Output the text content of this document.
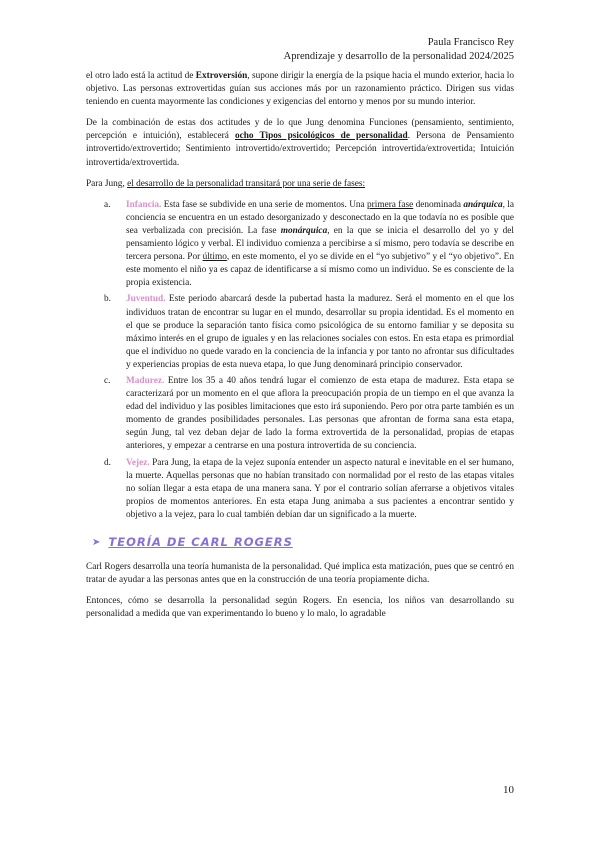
Paula Francisco Rey
Aprendizaje y desarrollo de la personalidad 2024/2025

el otro lado está la actitud de Extroversión, supone dirigir la energía de la psique hacia el mundo exterior, hacia lo objetivo. Las personas extrovertidas guían sus acciones más por un razonamiento práctico. Dirigen sus vidas teniendo en cuenta mayormente las condiciones y exigencias del entorno y menos por su mundo interior.

De la combinación de estas dos actitudes y de lo que Jung denomina Funciones (pensamiento, sentimiento, percepción e intuición), establecerá ocho Tipos psicológicos de personalidad. Persona de Pensamiento introvertido/extrovertido; Sentimiento introvertido/extrovertido; Percepción introvertida/extrovertida; Intuición introvertida/extrovertida.

Para Jung, el desarrollo de la personalidad transitará por una serie de fases:

a. Infancia. Esta fase se subdivide en una serie de momentos. Una primera fase denominada anárquica, la conciencia se encuentra en un estado desorganizado y desconectado en la que todavía no es posible que sea verbalizada con precisión. La fase monárquica, en la que se inicia el desarrollo del yo y del pensamiento lógico y verbal. El individuo comienza a percibirse a sí mismo, pero todavía se describe en tercera persona. Por último, en este momento, el yo se divide en el “yo subjetivo” y el “yo objetivo”. En este momento el niño ya es capaz de identificarse a sí mismo como un individuo. Se es consciente de la propia existencia.
b. Juventud. Este periodo abarcará desde la pubertad hasta la madurez. Será el momento en el que los individuos tratan de encontrar su lugar en el mundo, desarrollar su propia identidad. Es el momento en el que se produce la separación tanto física como psicológica de su entorno familiar y se deposita su máximo interés en el grupo de iguales y en las relaciones sociales con estos. En esta etapa es primordial que el individuo no quede varado en la conciencia de la infancia y por tanto no afrontar sus dificultades y experiencias propias de esta nueva etapa, lo que Jung denominará principio conservador.
c. Madurez. Entre los 35 a 40 años tendrá lugar el comienzo de esta etapa de madurez. Esta etapa se caracterizará por un momento en el que aflora la preocupación propia de un tiempo en el que avanza la edad del individuo y las posibles limitaciones que esto irá suponiendo. Pero por otra parte también es un momento de grandes posibilidades personales. Las personas que afrontan de forma sana esta etapa, según Jung, tal vez deban dejar de lado la forma extrovertida de la personalidad, propias de etapas anteriores, y empezar a centrarse en una postura introvertida de su conciencia.
d. Vejez. Para Jung, la etapa de la vejez suponía entender un aspecto natural e inevitable en el ser humano, la muerte. Aquellas personas que no habían transitado con normalidad por el resto de las etapas vitales no solían llegar a esta etapa de una manera sana. Y por el contrario solían aferrarse a objetivos vitales propios de momentos anteriores. En esta etapa Jung animaba a sus pacientes a encontrar sentido y objetivo a la vejez, para lo cual también debían dar un significado a la muerte.
➤ TEORÍA DE CARL ROGERS

Carl Rogers desarrolla una teoría humanista de la personalidad. Qué implica esta matización, pues que se centró en tratar de ayudar a las personas antes que en la construcción de una teoría propiamente dicha.

Entonces, cómo se desarrolla la personalidad según Rogers. En esencia, los niños van desarrollando su personalidad a medida que van experimentando lo bueno y lo malo, lo agradable

10
